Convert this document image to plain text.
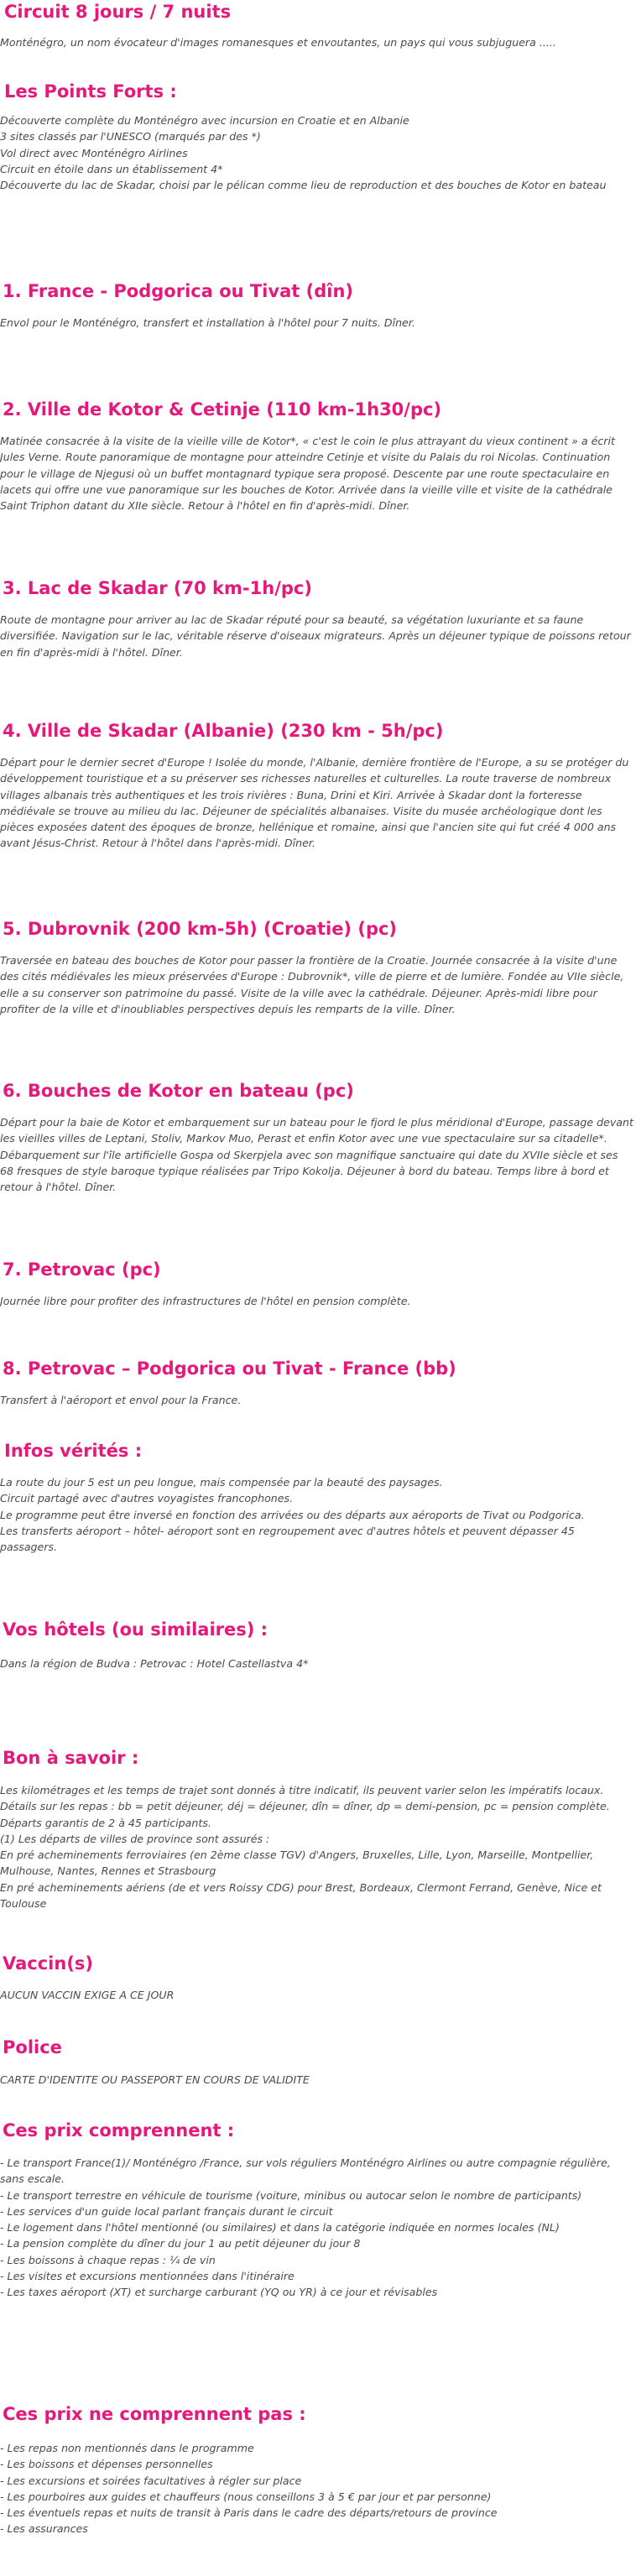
Circuit 8 jours / 7 nuits

Monténégro, un nom évocateur d'images romanesques et envoutantes, un pays qui vous subjuguera .....

Les Points Forts :
Découverte complète du Monténégro avec incursion en Croatie et en Albanie
3 sites classés par l'UNESCO (marqués par des *)
Vol direct avec Monténégro Airlines
Circuit en étoile dans un établissement 4*
Découverte du lac de Skadar, choisi par le pélican comme lieu de reproduction et des bouches de Kotor en bateau
1. France - Podgorica ou Tivat (dîn)

Envol pour le Monténégro, transfert et installation à l'hôtel pour 7 nuits. Dîner.

2. Ville de Kotor & Cetinje (110 km-1h30/pc)

Matinée consacrée à la visite de la vieille ville de Kotor*, « c'est le coin le plus attrayant du vieux continent » a écrit Jules Verne. Route panoramique de montagne pour atteindre Cetinje et visite du Palais du roi Nicolas. Continuation pour le village de Njegusi où un buffet montagnard typique sera proposé. Descente par une route spectaculaire en lacets qui offre une vue panoramique sur les bouches de Kotor. Arrivée dans la vieille ville et visite de la cathédrale Saint Triphon datant du XIIe siècle. Retour à l'hôtel en fin d'après-midi. Dîner.

3. Lac de Skadar (70 km-1h/pc)

Route de montagne pour arriver au lac de Skadar réputé pour sa beauté, sa végétation luxuriante et sa faune diversifiée. Navigation sur le lac, véritable réserve d'oiseaux migrateurs. Après un déjeuner typique de poissons retour en fin d'après-midi à l'hôtel. Dîner.

4. Ville de Skadar (Albanie) (230 km - 5h/pc)

Départ pour le dernier secret d'Europe ! Isolée du monde, l'Albanie, dernière frontière de l'Europe, a su se protéger du développement touristique et a su préserver ses richesses naturelles et culturelles. La route traverse de nombreux villages albanais très authentiques et les trois rivières : Buna, Drini et Kiri. Arrivée à Skadar dont la forteresse médiévale se trouve au milieu du lac. Déjeuner de spécialités albanaises. Visite du musée archéologique dont les pièces exposées datent des époques de bronze, hellénique et romaine, ainsi que l'ancien site qui fut créé 4 000 ans avant Jésus-Christ. Retour à l'hôtel dans l'après-midi. Dîner.

5. Dubrovnik (200 km-5h) (Croatie) (pc)

Traversée en bateau des bouches de Kotor pour passer la frontière de la Croatie. Journée consacrée à la visite d'une des cités médiévales les mieux préservées d'Europe : Dubrovnik*, ville de pierre et de lumière. Fondée au VIIe siècle, elle a su conserver son patrimoine du passé. Visite de la ville avec la cathédrale. Déjeuner. Après-midi libre pour profiter de la ville et d'inoubliables perspectives depuis les remparts de la ville. Dîner.

6. Bouches de Kotor en bateau (pc)

Départ pour la baie de Kotor et embarquement sur un bateau pour le fjord le plus méridional d'Europe, passage devant les vieilles villes de Leptani, Stoliv, Markov Muo, Perast et enfin Kotor avec une vue spectaculaire sur sa citadelle*. Débarquement sur l'île artificielle Gospa od Skerpjela avec son magnifique sanctuaire qui date du XVIIe siècle et ses 68 fresques de style baroque typique réalisées par Tripo Kokolja. Déjeuner à bord du bateau. Temps libre à bord et retour à l'hôtel. Dîner.

7. Petrovac (pc)

Journée libre pour profiter des infrastructures de l'hôtel en pension complète.

8. Petrovac – Podgorica ou Tivat - France (bb)

Transfert à l'aéroport et envol pour la France.

Infos vérités :
La route du jour 5 est un peu longue, mais compensée par la beauté des paysages.
Circuit partagé avec d'autres voyagistes francophones.
Le programme peut être inversé en fonction des arrivées ou des départs aux aéroports de Tivat ou Podgorica.
Les transferts aéroport – hôtel- aéroport sont en regroupement avec d'autres hôtels et peuvent dépasser 45 passagers.
Vos hôtels (ou similaires) :

Dans la région de Budva : Petrovac : Hotel Castellastva 4*

Bon à savoir :
Les kilométrages et les temps de trajet sont donnés à titre indicatif, ils peuvent varier selon les impératifs locaux.
Détails sur les repas : bb = petit déjeuner, déj = déjeuner, dîn = dîner, dp = demi-pension, pc = pension complète.
Départs garantis de 2 à 45 participants.
(1) Les départs de villes de province sont assurés :
En pré acheminements ferroviaires (en 2ème classe TGV) d'Angers, Bruxelles, Lille, Lyon, Marseille, Montpellier, Mulhouse, Nantes, Rennes et Strasbourg
En pré acheminements aériens (de et vers Roissy CDG) pour Brest, Bordeaux, Clermont Ferrand, Genève, Nice et Toulouse
Vaccin(s)

AUCUN VACCIN EXIGE A CE JOUR

Police

CARTE D'IDENTITE OU PASSEPORT EN COURS DE VALIDITE

Ces prix comprennent :
- Le transport France(1)/ Monténégro /France, sur vols réguliers Monténégro Airlines ou autre compagnie régulière, sans escale.
- Le transport terrestre en véhicule de tourisme (voiture, minibus ou autocar selon le nombre de participants)
- Les services d'un guide local parlant français durant le circuit
- Le logement dans l'hôtel mentionné (ou similaires) et dans la catégorie indiquée en normes locales (NL)
- La pension complète du dîner du jour 1 au petit déjeuner du jour 8
- Les boissons à chaque repas : ¼ de vin
- Les visites et excursions mentionnées dans l'itinéraire
- Les taxes aéroport (XT) et surcharge carburant (YQ ou YR) à ce jour et révisables
Ces prix ne comprennent pas :
- Les repas non mentionnés dans le programme
- Les boissons et dépenses personnelles
- Les excursions et soirées facultatives à régler sur place
- Les pourboires aux guides et chauffeurs (nous conseillons 3 à 5 € par jour et par personne)
- Les éventuels repas et nuits de transit à Paris dans le cadre des départs/retours de province
- Les assurances
